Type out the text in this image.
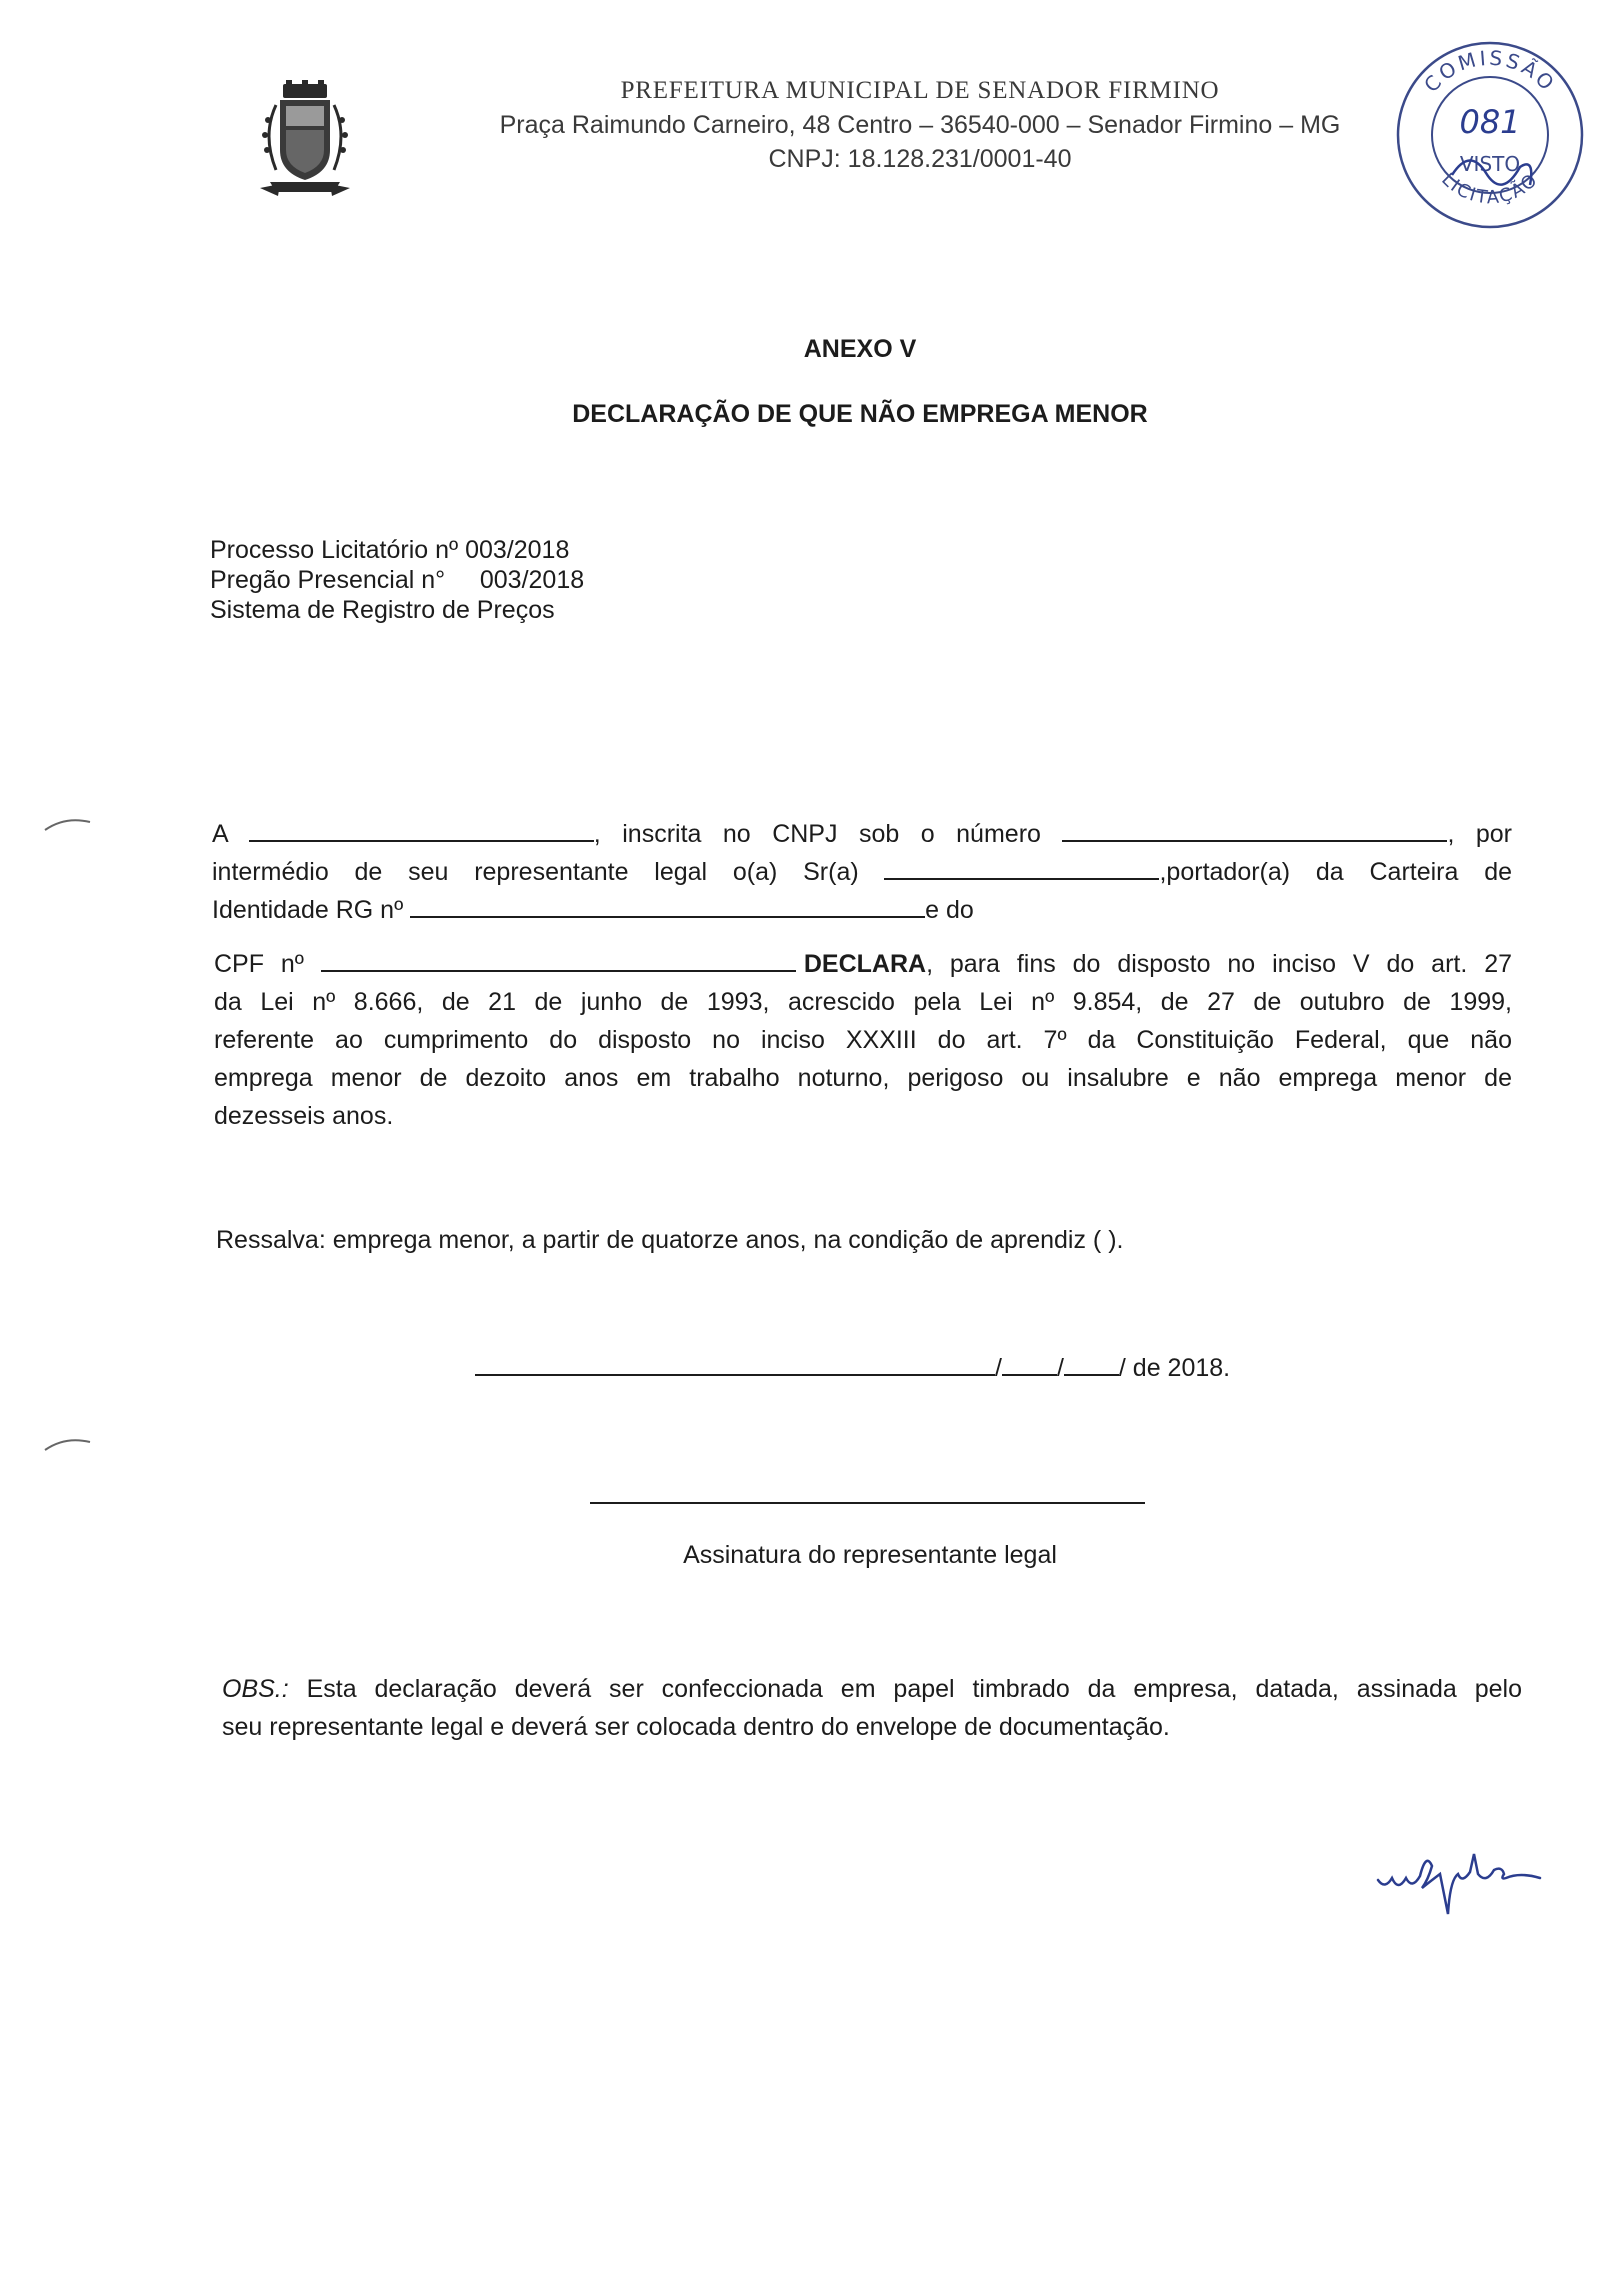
PREFEITURA MUNICIPAL DE SENADOR FIRMINO
Praça Raimundo Carneiro, 48 Centro – 36540-000 – Senador Firmino – MG
CNPJ: 18.128.231/0001-40
COMISSÃO
LICITAÇÃO
081
VISTO
ANEXO V
DECLARAÇÃO DE QUE NÃO EMPREGA MENOR
Processo Licitatório nº 003/2018
Pregão Presencial n° 003/2018
Sistema de Registro de Preços
A	, inscrita no CNPJ sob o número	, por
intermédio de seu representante legal o(a) Sr(a)	,portador(a) da Carteira de
Identidade RG nº	e do
CPF nº	DECLARA, para fins do disposto no inciso V do art. 27
da Lei nº 8.666, de 21 de junho de 1993, acrescido pela Lei nº 9.854, de 27 de outubro de 1999,
referente ao cumprimento do disposto no inciso XXXIII do art. 7º da Constituição Federal, que não
emprega menor de dezoito anos em trabalho noturno, perigoso ou insalubre e não emprega menor de
dezesseis anos.
Ressalva: emprega menor, a partir de quatorze anos, na condição de aprendiz ( ).
/ / / de 2018.
Assinatura do representante legal
OBS.: Esta declaração deverá ser confeccionada em papel timbrado da empresa, datada, assinada pelo
seu representante legal e deverá ser colocada dentro do envelope de documentação.
